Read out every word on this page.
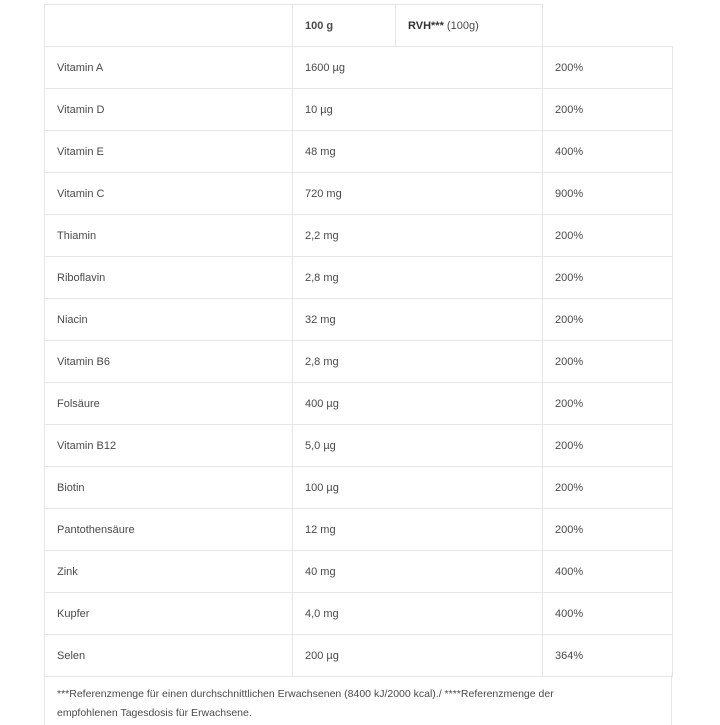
	100 g	RVH*** (100g)	
Vitamin A	1600 µg		200%
Vitamin D	10 µg		200%
Vitamin E	48 mg		400%
Vitamin C	720 mg		900%
Thiamin	2,2 mg		200%
Riboflavin	2,8 mg		200%
Niacin	32 mg		200%
Vitamin B6	2,8 mg		200%
Folsäure	400 µg		200%
Vitamin B12	5,0 µg		200%
Biotin	100 µg		200%
Pantothensäure	12 mg		200%
Zink	40 mg		400%
Kupfer	4,0 mg		400%
Selen	200 µg		364%
***Referenzmenge für einen durchschnittlichen Erwachsenen (8400 kJ/2000 kcal)./ ****Referenzmenge der
empfohlenen Tagesdosis für Erwachsene.
